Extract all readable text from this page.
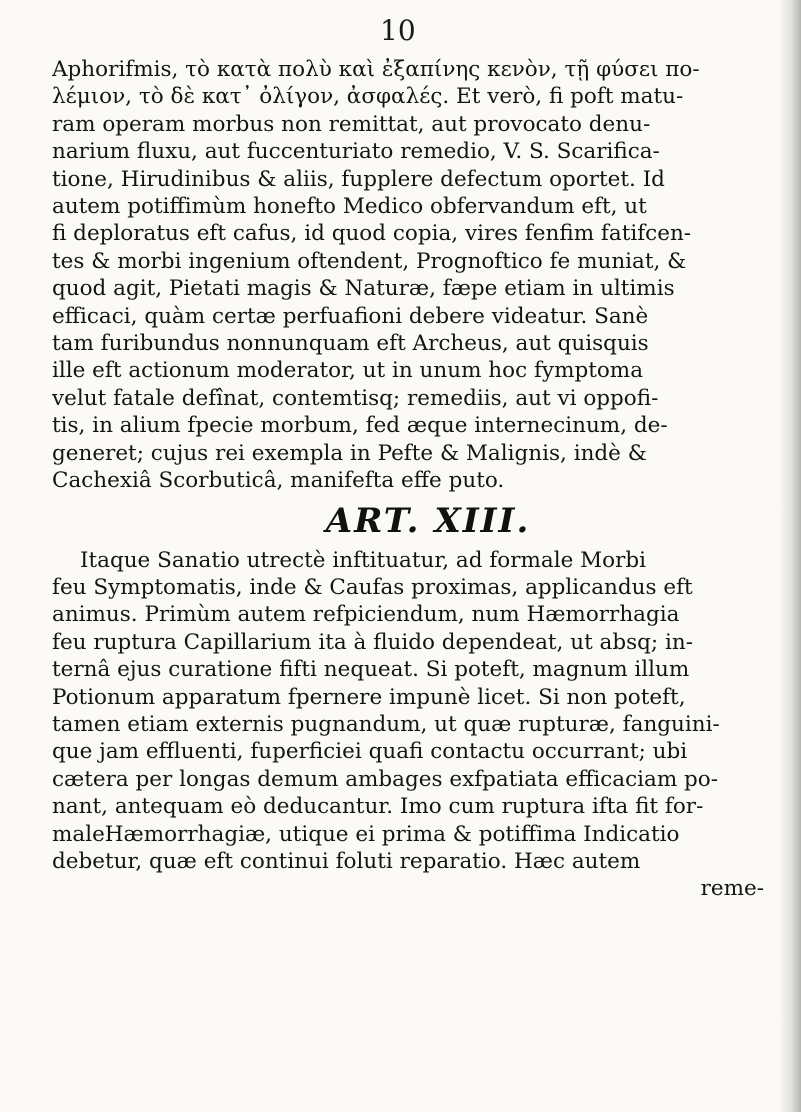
10
Aphorifmis, τὸ κατὰ πολὺ καὶ ἐξαπίνης κενὸν, τῇ φύσει πο-
λέμιον, τὸ δὲ κατ᾽ ὀλίγον, ἀσφαλές. Et verò, fi poft matu-
ram operam morbus non remittat, aut provocato denu-
narium fluxu, aut fuccenturiato remedio, V. S. Scarifica-
tione, Hirudinibus & aliis, fupplere defectum oportet. Id
autem potiffimùm honefto Medico obfervandum eft, ut
fi deploratus eft cafus, id quod copia, vires fenfim fatifcen-
tes & morbi ingenium oftendent, Prognoftico fe muniat, &
quod agit, Pietati magis & Naturæ, fæpe etiam in ultimis
efficaci, quàm certæ perfuafioni debere videatur. Sanè
tam furibundus nonnunquam eft Archeus, aut quisquis
ille eft actionum moderator, ut in unum hoc fymptoma
velut fatale defînat, contemtisq; remediis, aut vi oppofi-
tis, in alium fpecie morbum, fed æque internecinum, de-
generet; cujus rei exempla in Pefte & Malignis, indè &
Cachexiâ Scorbuticâ, manifefta effe puto.
ART. XIII.
Itaque Sanatio utrectè inftituatur, ad formale Morbi
feu Symptomatis, inde & Caufas proximas, applicandus eft
animus. Primùm autem refpiciendum, num Hæmorrhagia
feu ruptura Capillarium ita à fluido dependeat, ut absq; in-
ternâ ejus curatione fifti nequeat. Si poteft, magnum illum
Potionum apparatum fpernere impunè licet. Si non poteft,
tamen etiam externis pugnandum, ut quæ rupturæ, fanguini-
que jam effluenti, fuperficiei quafi contactu occurrant; ubi
cætera per longas demum ambages exfpatiata efficaciam po-
nant, antequam eò deducantur. Imo cum ruptura ifta fit for-
maleHæmorrhagiæ, utique ei prima & potiffima Indicatio
debetur, quæ eft continui foluti reparatio. Hæc autem
reme-
